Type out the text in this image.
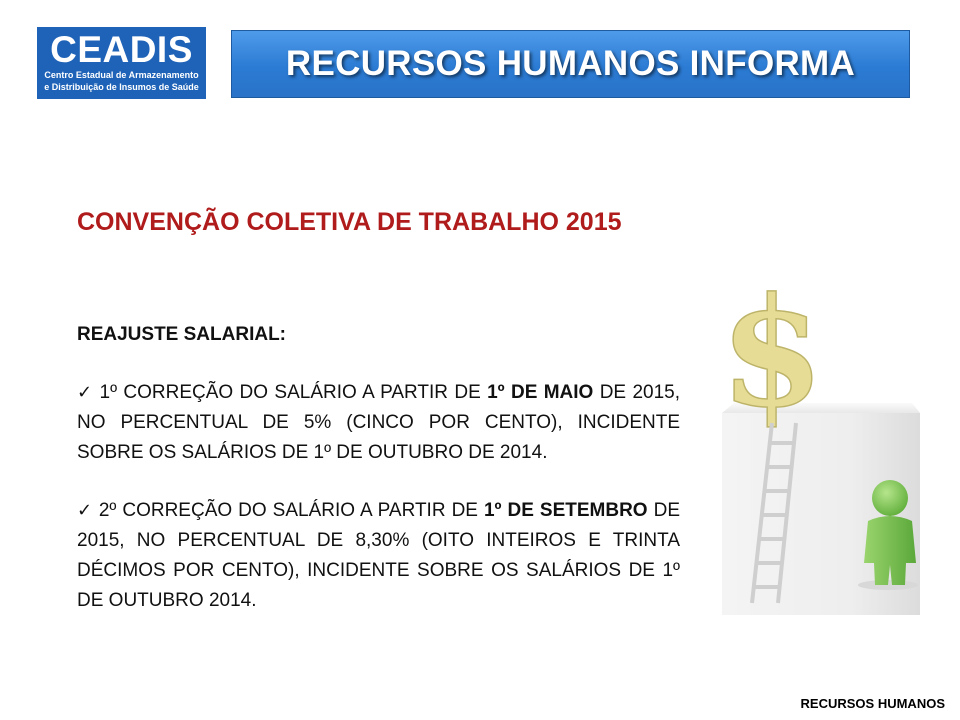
CEADIS
Centro Estadual de Armazenamento
e Distribuição de Insumos de Saúde
RECURSOS HUMANOS INFORMA
CONVENÇÃO COLETIVA DE TRABALHO 2015

REAJUSTE SALARIAL:

✓ 1º CORREÇÃO DO SALÁRIO A PARTIR DE 1º DE MAIO DE 2015, NO PERCENTUAL DE 5% (CINCO POR CENTO), INCIDENTE SOBRE OS SALÁRIOS DE 1º DE OUTUBRO DE 2014.

✓ 2º CORREÇÃO DO SALÁRIO A PARTIR DE 1º DE SETEMBRO DE 2015, NO PERCENTUAL DE 8,30% (OITO INTEIROS E TRINTA DÉCIMOS POR CENTO), INCIDENTE SOBRE OS SALÁRIOS DE 1º DE OUTUBRO 2014.

$
RECURSOS HUMANOS
